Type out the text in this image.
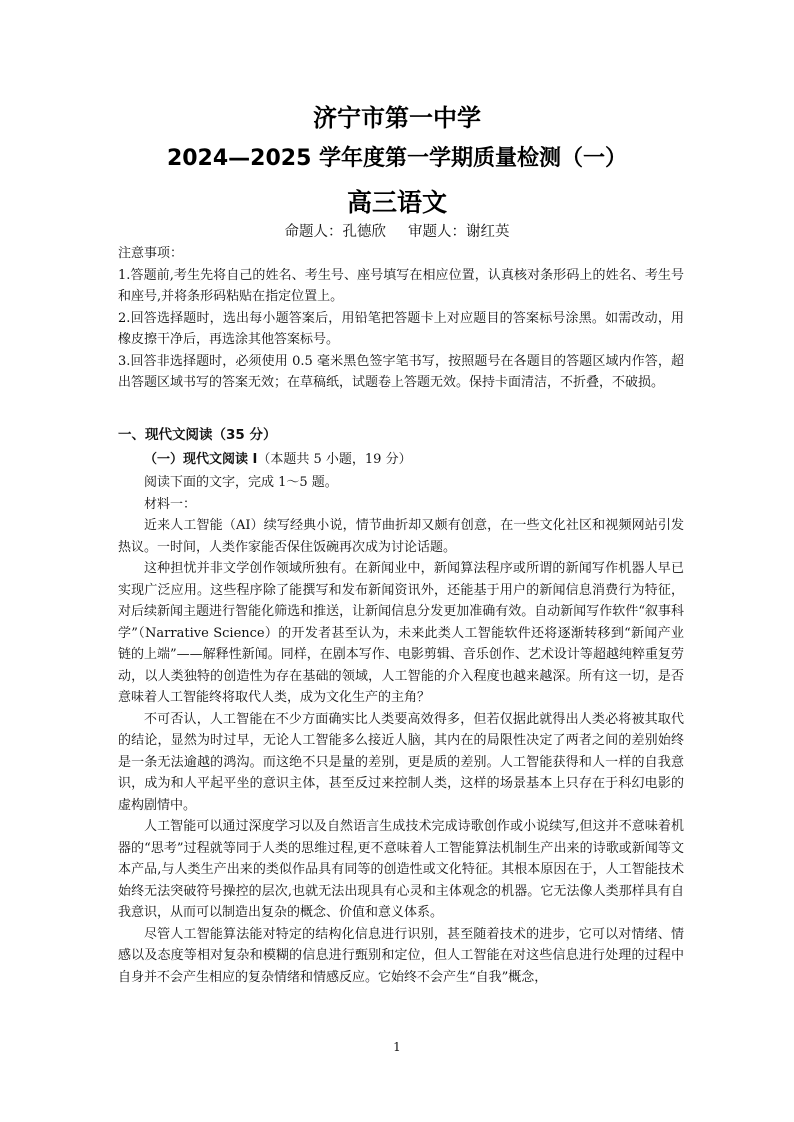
济宁市第一中学
2024—2025 学年度第一学期质量检测（一）
高三语文
命题人：孔德欣 审题人：谢红英

注意事项：

1.答题前,考生先将自己的姓名、考生号、座号填写在相应位置，认真核对条形码上的姓名、考生号和座号,并将条形码粘贴在指定位置上。

2.回答选择题时，选出每小题答案后，用铅笔把答题卡上对应题目的答案标号涂黑。如需改动，用橡皮擦干净后，再选涂其他答案标号。

3.回答非选择题时，必须使用 0.5 毫米黑色签字笔书写，按照题号在各题目的答题区域内作答，超出答题区域书写的答案无效；在草稿纸，试题卷上答题无效。保持卡面清洁，不折叠，不破损。

一、现代文阅读（35 分）
（一）现代文阅读 I（本题共 5 小题，19 分）

阅读下面的文字，完成 1～5 题。

材料一：

近来人工智能（AI）续写经典小说，情节曲折却又颇有创意，在一些文化社区和视频网站引发热议。一时间，人类作家能否保住饭碗再次成为讨论话题。

这种担忧并非文学创作领域所独有。在新闻业中，新闻算法程序或所谓的新闻写作机器人早已实现广泛应用。这些程序除了能撰写和发布新闻资讯外，还能基于用户的新闻信息消费行为特征，对后续新闻主题进行智能化筛选和推送，让新闻信息分发更加准确有效。自动新闻写作软件“叙事科学”（Narrative Science）的开发者甚至认为，未来此类人工智能软件还将逐渐转移到“新闻产业链的上端”——解释性新闻。同样，在剧本写作、电影剪辑、音乐创作、艺术设计等超越纯粹重复劳动，以人类独特的创造性为存在基础的领域，人工智能的介入程度也越来越深。所有这一切，是否意味着人工智能终将取代人类，成为文化生产的主角？

不可否认，人工智能在不少方面确实比人类要高效得多，但若仅据此就得出人类必将被其取代的结论，显然为时过早，无论人工智能多么接近人脑，其内在的局限性决定了两者之间的差别始终是一条无法逾越的鸿沟。而这绝不只是量的差别，更是质的差别。人工智能获得和人一样的自我意识，成为和人平起平坐的意识主体，甚至反过来控制人类，这样的场景基本上只存在于科幻电影的虚构剧情中。

人工智能可以通过深度学习以及自然语言生成技术完成诗歌创作或小说续写,但这并不意味着机器的“思考”过程就等同于人类的思维过程,更不意味着人工智能算法机制生产出来的诗歌或新闻等文本产品,与人类生产出来的类似作品具有同等的创造性或文化特征。其根本原因在于，人工智能技术始终无法突破符号操控的层次,也就无法出现具有心灵和主体观念的机器。它无法像人类那样具有自我意识，从而可以制造出复杂的概念、价值和意义体系。

尽管人工智能算法能对特定的结构化信息进行识别，甚至随着技术的进步，它可以对情绪、情感以及态度等相对复杂和模糊的信息进行甄别和定位，但人工智能在对这些信息进行处理的过程中自身并不会产生相应的复杂情绪和情感反应。它始终不会产生“自我”概念，

1
